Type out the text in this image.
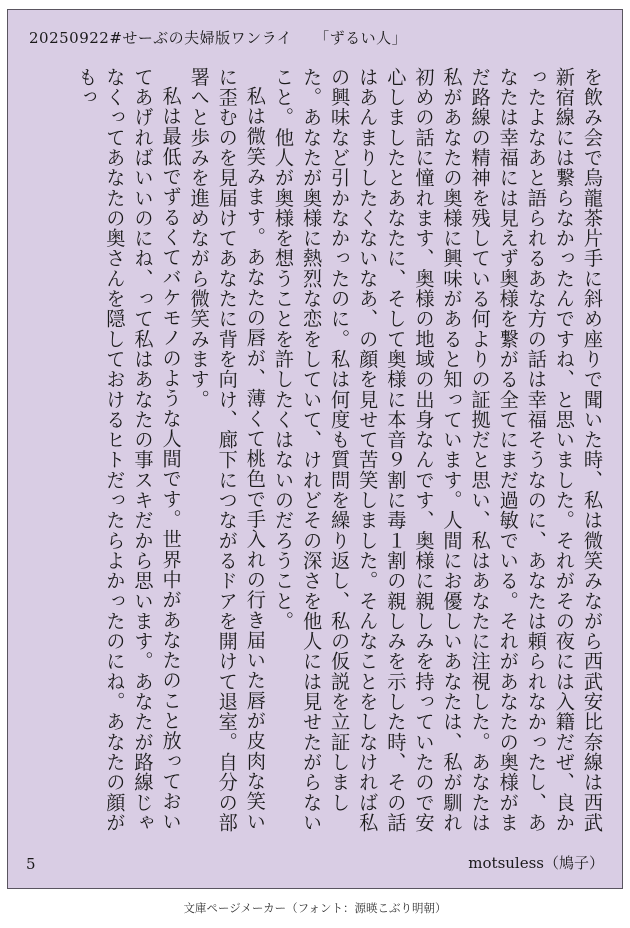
20250922#せーぶの夫婦版ワンライ 「ずるい人」

を飲み会で烏龍茶片手に斜め座りで聞いた時、私は微笑みながら西武安比奈線は西武新宿線には繋らなかったんですね、と思いました。それがその夜には入籍だぜ、良かったよなあと語られるあな方の話は幸福そうなのに、あなたは頼られなかったし、あなたは幸福には見えず奥様を繋がる全てにまだ過敏でいる。それがあなたの奥様がまだ路線の精神を残している何よりの証拠だと思い、私はあなたに注視した。あなたは私があなたの奥様に興味があると知っています。人間にお優しいあなたは、私が馴れ初めの話に憧れます、奥様の地域の出身なんです、奥様に親しみを持っていたので安心しましたとあなたに、そして奥様に本音９割に毒１割の親しみを示した時、その話はあんまりしたくないなあ、の顔を見せて苦笑しました。そんなことをしなければ私の興味など引かなかったのに。私は何度も質問を繰り返し、私の仮説を立証しました。あなたが奥様に熱烈な恋をしていて、けれどその深さを他人には見せたがらないこと。他人が奥様を想うことを許したくはないのだろうこと。

私は微笑みます。あなたの唇が、薄くて桃色で手入れの行き届いた唇が皮肉な笑いに歪むのを見届けてあなたに背を向け、廊下につながるドアを開けて退室。自分の部署へと歩みを進めながら微笑みます。

私は最低でずるくてバケモノのような人間です。世界中があなたのこと放っておいてあげればいいのにね、って私はあなたの事スキだから思います。あなたが路線じゃなくってあなたの奥さんを隠しておけるヒトだったらよかったのにね。あなたの顔がもっ

5	motsuless（鳩子）
文庫ページメーカー（フォント：源暎こぶり明朝）
